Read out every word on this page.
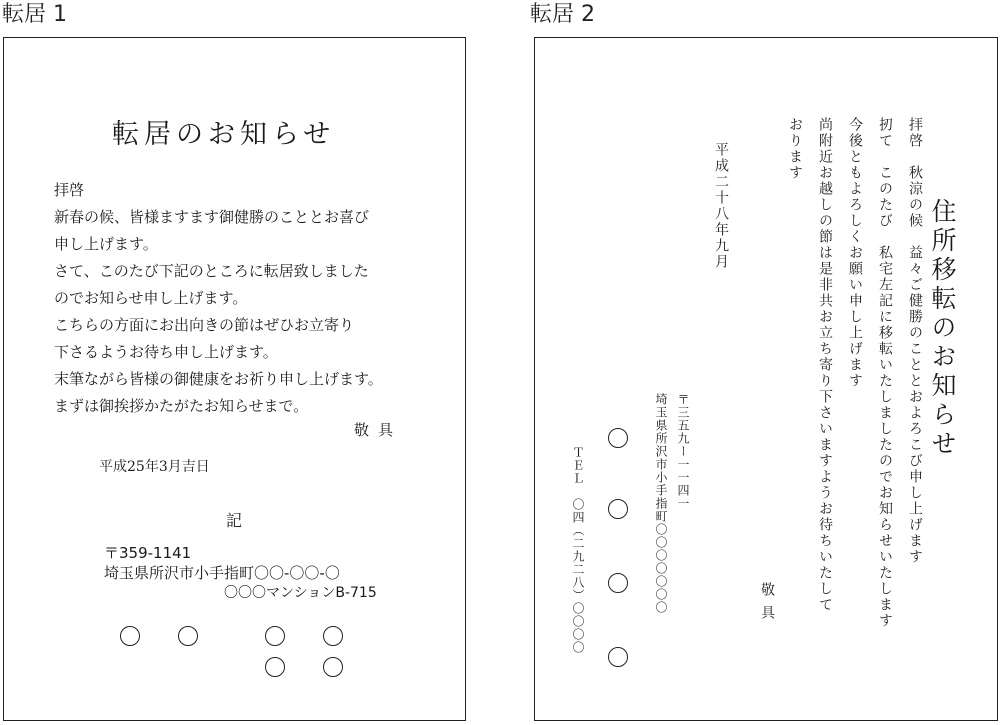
転居 1	転居 2
転居のお知らせ
拝啓
新春の候、皆様ますます御健勝のこととお喜び
申し上げます。
さて、このたび下記のところに転居致しました
のでお知らせ申し上げます。
こちらの方面にお出向きの節はぜひお立寄り
下さるようお待ち申し上げます。
末筆ながら皆様の御健康をお祈り申し上げます。
まずは御挨拶かたがたお知らせまで。
敬具
平成25年3月吉日
記
〒359-1141
埼玉県所沢市小手指町〇〇-〇〇-〇
〇〇〇マンションB-715
住所移転のお知らせ
拝啓　秋涼の候　益々ご健勝のこととおよろこび申し上げます
扨て　このたび　私宅左記に移転いたしましたのでお知らせいたします
今後ともよろしくお願い申し上げます
尚附近お越しの節は是非共お立ち寄り下さいますようお待ちいたして
おります
敬具
平成二十八年九月
〒三五九ー一一四一
埼玉県所沢市小手指町〇〇〇〇〇〇〇
ＴＥＬ　〇四（二九二八）〇〇〇〇
